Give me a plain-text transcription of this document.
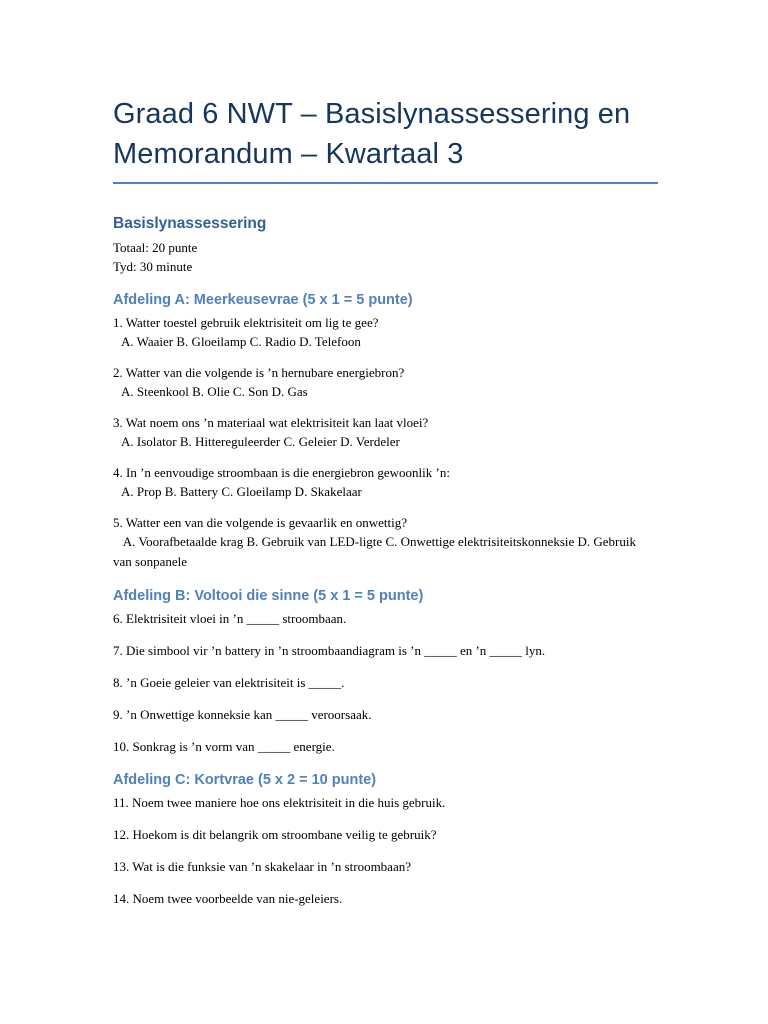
Graad 6 NWT – Basislynassessering en Memorandum – Kwartaal 3
Basislynassessering

Totaal: 20 punte

Tyd: 30 minute

Afdeling A: Meerkeusevrae (5 x 1 = 5 punte)
1. Watter toestel gebruik elektrisiteit om lig te gee?
A. Waaier B. Gloeilamp C. Radio D. Telefoon
2. Watter van die volgende is ’n hernubare energiebron?
A. Steenkool B. Olie C. Son D. Gas
3. Wat noem ons ’n materiaal wat elektrisiteit kan laat vloei?
A. Isolator B. Hittereguleerder C. Geleier D. Verdeler
4. In ’n eenvoudige stroombaan is die energiebron gewoonlik ’n:
A. Prop B. Battery C. Gloeilamp D. Skakelaar
5. Watter een van die volgende is gevaarlik en onwettig?
A. Voorafbetaalde krag B. Gebruik van LED-ligte C. Onwettige elektrisiteitskonneksie D. Gebruik van sonpanele
Afdeling B: Voltooi die sinne (5 x 1 = 5 punte)
6. Elektrisiteit vloei in ’n _____ stroombaan.
7. Die simbool vir ’n battery in ’n stroombaandiagram is ’n _____ en ’n _____ lyn.
8. ’n Goeie geleier van elektrisiteit is _____.
9. ’n Onwettige konneksie kan _____ veroorsaak.
10. Sonkrag is ’n vorm van _____ energie.
Afdeling C: Kortvrae (5 x 2 = 10 punte)
11. Noem twee maniere hoe ons elektrisiteit in die huis gebruik.
12. Hoekom is dit belangrik om stroombane veilig te gebruik?
13. Wat is die funksie van ’n skakelaar in ’n stroombaan?
14. Noem twee voorbeelde van nie-geleiers.
